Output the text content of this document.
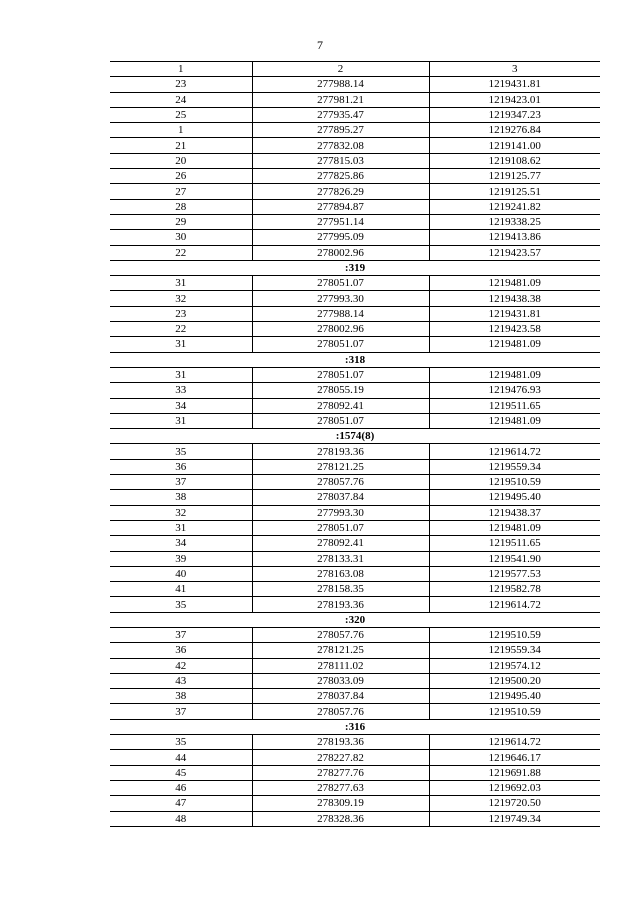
7
1	2	3
23	277988.14	1219431.81
24	277981.21	1219423.01
25	277935.47	1219347.23
1	277895.27	1219276.84
21	277832.08	1219141.00
20	277815.03	1219108.62
26	277825.86	1219125.77
27	277826.29	1219125.51
28	277894.87	1219241.82
29	277951.14	1219338.25
30	277995.09	1219413.86
22	278002.96	1219423.57
:319		
31	278051.07	1219481.09
32	277993.30	1219438.38
23	277988.14	1219431.81
22	278002.96	1219423.58
31	278051.07	1219481.09
:318		
31	278051.07	1219481.09
33	278055.19	1219476.93
34	278092.41	1219511.65
31	278051.07	1219481.09
:1574(8)		
35	278193.36	1219614.72
36	278121.25	1219559.34
37	278057.76	1219510.59
38	278037.84	1219495.40
32	277993.30	1219438.37
31	278051.07	1219481.09
34	278092.41	1219511.65
39	278133.31	1219541.90
40	278163.08	1219577.53
41	278158.35	1219582.78
35	278193.36	1219614.72
:320		
37	278057.76	1219510.59
36	278121.25	1219559.34
42	278111.02	1219574.12
43	278033.09	1219500.20
38	278037.84	1219495.40
37	278057.76	1219510.59
:316		
35	278193.36	1219614.72
44	278227.82	1219646.17
45	278277.76	1219691.88
46	278277.63	1219692.03
47	278309.19	1219720.50
48	278328.36	1219749.34
